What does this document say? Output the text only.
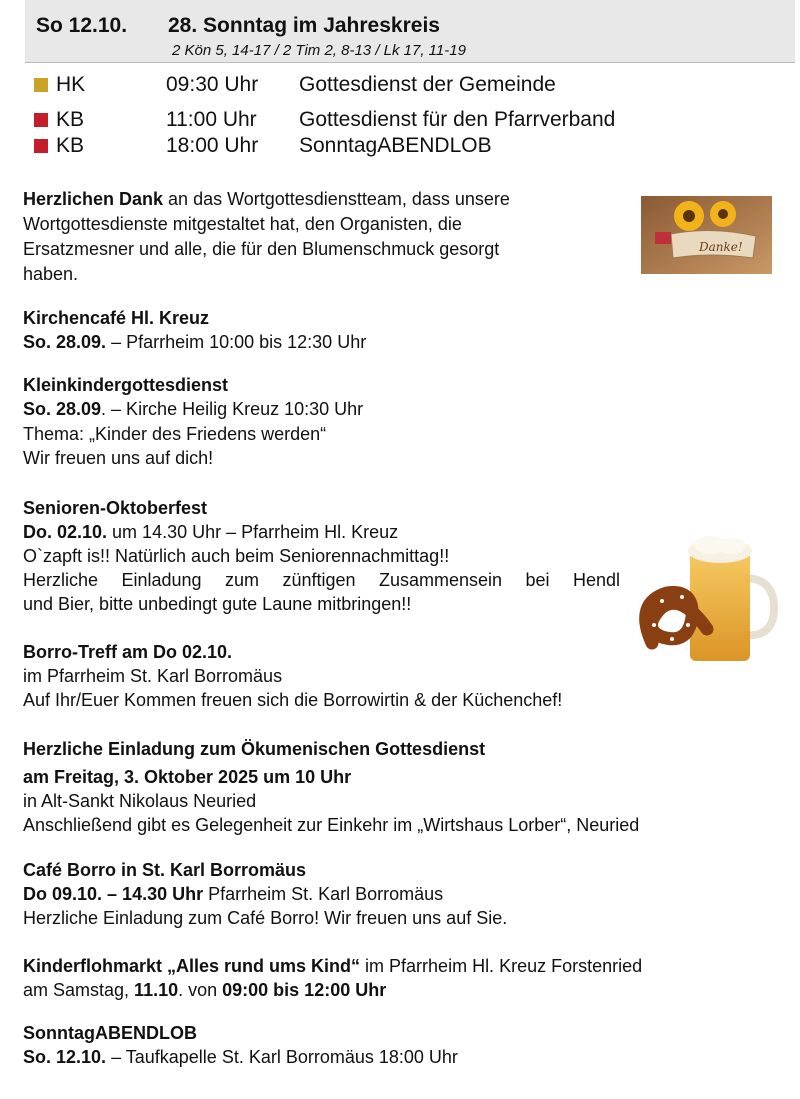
So 12.10. 28. Sonntag im Jahreskreis
2 Kön 5, 14-17 / 2 Tim 2, 8-13 / Lk 17, 11-19
HK	09:30 Uhr Gottesdienst der Gemeinde
KB	11:00 Uhr Gottesdienst für den Pfarrverband
KB	18:00 Uhr SonntagABENDLOB
Herzlichen Dank an das Wortgottesdienstteam, dass unsere
Wortgottesdienste mitgestaltet hat, den Organisten, die
Ersatzmesner und alle, die für den Blumenschmuck gesorgt
haben.
Danke!
Kirchencafé Hl. Kreuz
So. 28.09. – Pfarrheim 10:00 bis 12:30 Uhr
Kleinkindergottesdienst
So. 28.09. – Kirche Heilig Kreuz 10:30 Uhr
Thema: „Kinder des Friedens werden“
Wir freuen uns auf dich!
Senioren-Oktoberfest
Do. 02.10. um 14.30 Uhr – Pfarrheim Hl. Kreuz
O`zapft is!! Natürlich auch beim Seniorennachmittag!!
Herzliche Einladung zum zünftigen Zusammensein bei Hendl
und Bier, bitte unbedingt gute Laune mitbringen!!
Borro-Treff am Do 02.10.
im Pfarrheim St. Karl Borromäus
Auf Ihr/Euer Kommen freuen sich die Borrowirtin & der Küchenchef!
Herzliche Einladung zum Ökumenischen Gottesdienst
am Freitag, 3. Oktober 2025 um 10 Uhr
in Alt-Sankt Nikolaus Neuried
Anschließend gibt es Gelegenheit zur Einkehr im „Wirtshaus Lorber“, Neuried
Café Borro in St. Karl Borromäus
Do 09.10. – 14.30 Uhr Pfarrheim St. Karl Borromäus
Herzliche Einladung zum Café Borro! Wir freuen uns auf Sie.
Kinderflohmarkt „Alles rund ums Kind“ im Pfarrheim Hl. Kreuz Forstenried
am Samstag, 11.10. von 09:00 bis 12:00 Uhr
SonntagABENDLOB
So. 12.10. – Taufkapelle St. Karl Borromäus 18:00 Uhr
